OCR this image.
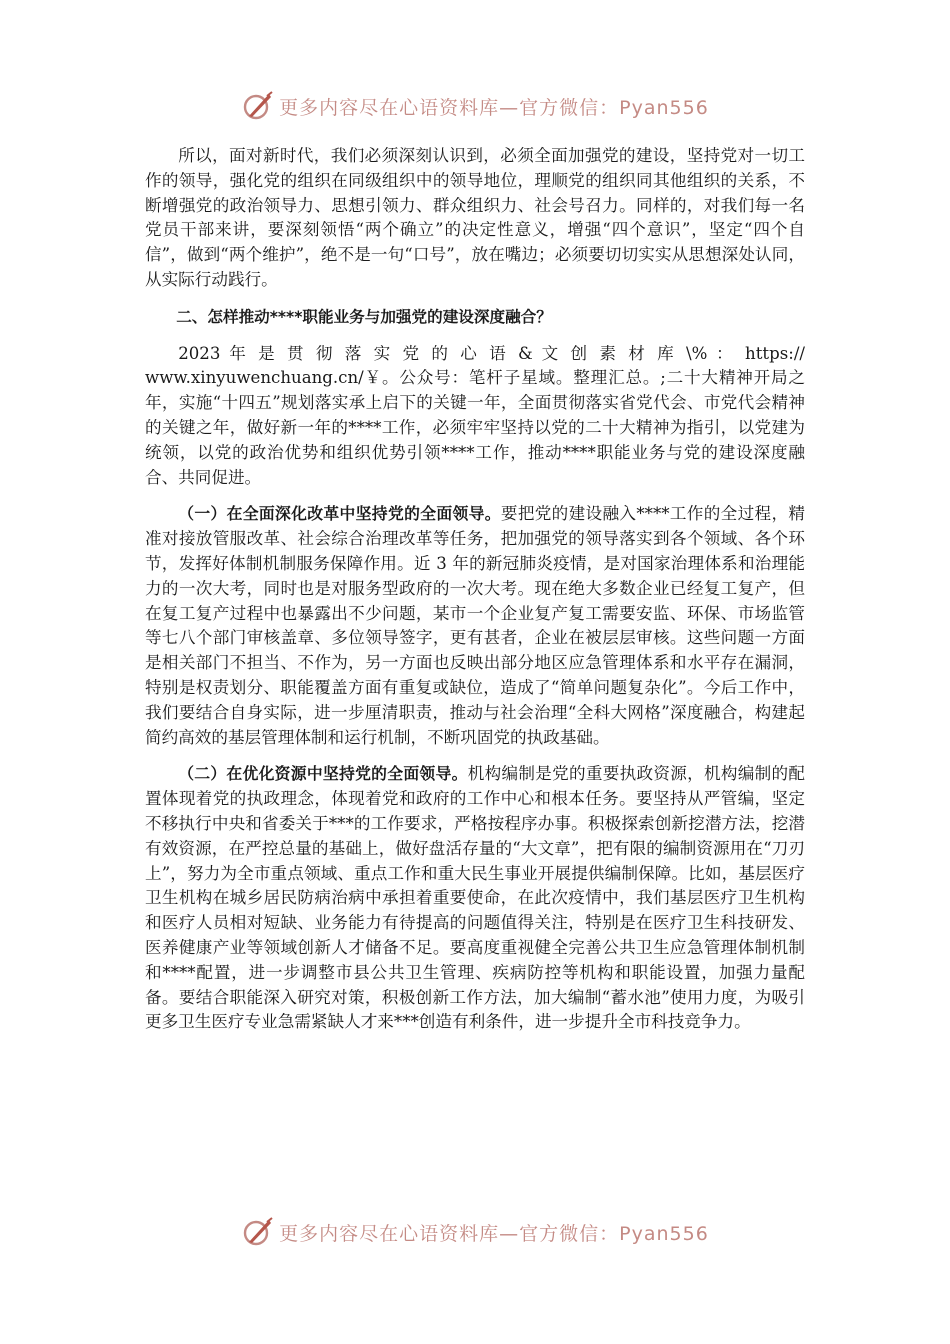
更多内容尽在心语资料库—官方微信：Pyan556

所以，面对新时代，我们必须深刻认识到，必须全面加强党的建设，坚持党对一切工作的领导，强化党的组织在同级组织中的领导地位，理顺党的组织同其他组织的关系，不断增强党的政治领导力、思想引领力、群众组织力、社会号召力。同样的，对我们每一名党员干部来讲，要深刻领悟“两个确立”的决定性意义，增强“四个意识”，坚定“四个自信”，做到“两个维护”，绝不是一句“口号”，放在嘴边；必须要切切实实从思想深处认同，从实际行动践行。

二、怎样推动****职能业务与加强党的建设深度融合？

2023 年 是 贯 彻 落 实 党 的 心 语 & 文 创 素 材 库 \% ： https://

www.xinyuwenchuang.cn/￥。公众号：笔杆子星域。整理汇总。;二十大精神开局之年，实施“十四五”规划落实承上启下的关键一年，全面贯彻落实省党代会、市党代会精神的关键之年，做好新一年的****工作，必须牢牢坚持以党的二十大精神为指引，以党建为统领，以党的政治优势和组织优势引领****工作，推动****职能业务与党的建设深度融合、共同促进。

（一）在全面深化改革中坚持党的全面领导。要把党的建设融入****工作的全过程，精准对接放管服改革、社会综合治理改革等任务，把加强党的领导落实到各个领域、各个环节，发挥好体制机制服务保障作用。近 3 年的新冠肺炎疫情，是对国家治理体系和治理能力的一次大考，同时也是对服务型政府的一次大考。现在绝大多数企业已经复工复产，但在复工复产过程中也暴露出不少问题，某市一个企业复产复工需要安监、环保、市场监管等七八个部门审核盖章、多位领导签字，更有甚者，企业在被层层审核。这些问题一方面是相关部门不担当、不作为，另一方面也反映出部分地区应急管理体系和水平存在漏洞，特别是权责划分、职能覆盖方面有重复或缺位，造成了“简单问题复杂化”。今后工作中，我们要结合自身实际，进一步厘清职责，推动与社会治理“全科大网格”深度融合，构建起简约高效的基层管理体制和运行机制，不断巩固党的执政基础。

（二）在优化资源中坚持党的全面领导。机构编制是党的重要执政资源，机构编制的配置体现着党的执政理念，体现着党和政府的工作中心和根本任务。要坚持从严管编，坚定不移执行中央和省委关于***的工作要求，严格按程序办事。积极探索创新挖潜方法，挖潜有效资源，在严控总量的基础上，做好盘活存量的“大文章”，把有限的编制资源用在“刀刃上”，努力为全市重点领域、重点工作和重大民生事业开展提供编制保障。比如，基层医疗卫生机构在城乡居民防病治病中承担着重要使命，在此次疫情中，我们基层医疗卫生机构和医疗人员相对短缺、业务能力有待提高的问题值得关注，特别是在医疗卫生科技研发、医养健康产业等领域创新人才储备不足。要高度重视健全完善公共卫生应急管理体制机制和****配置，进一步调整市县公共卫生管理、疾病防控等机构和职能设置，加强力量配备。要结合职能深入研究对策，积极创新工作方法，加大编制“蓄水池”使用力度，为吸引更多卫生医疗专业急需紧缺人才来***创造有利条件，进一步提升全市科技竞争力。

更多内容尽在心语资料库—官方微信：Pyan556
